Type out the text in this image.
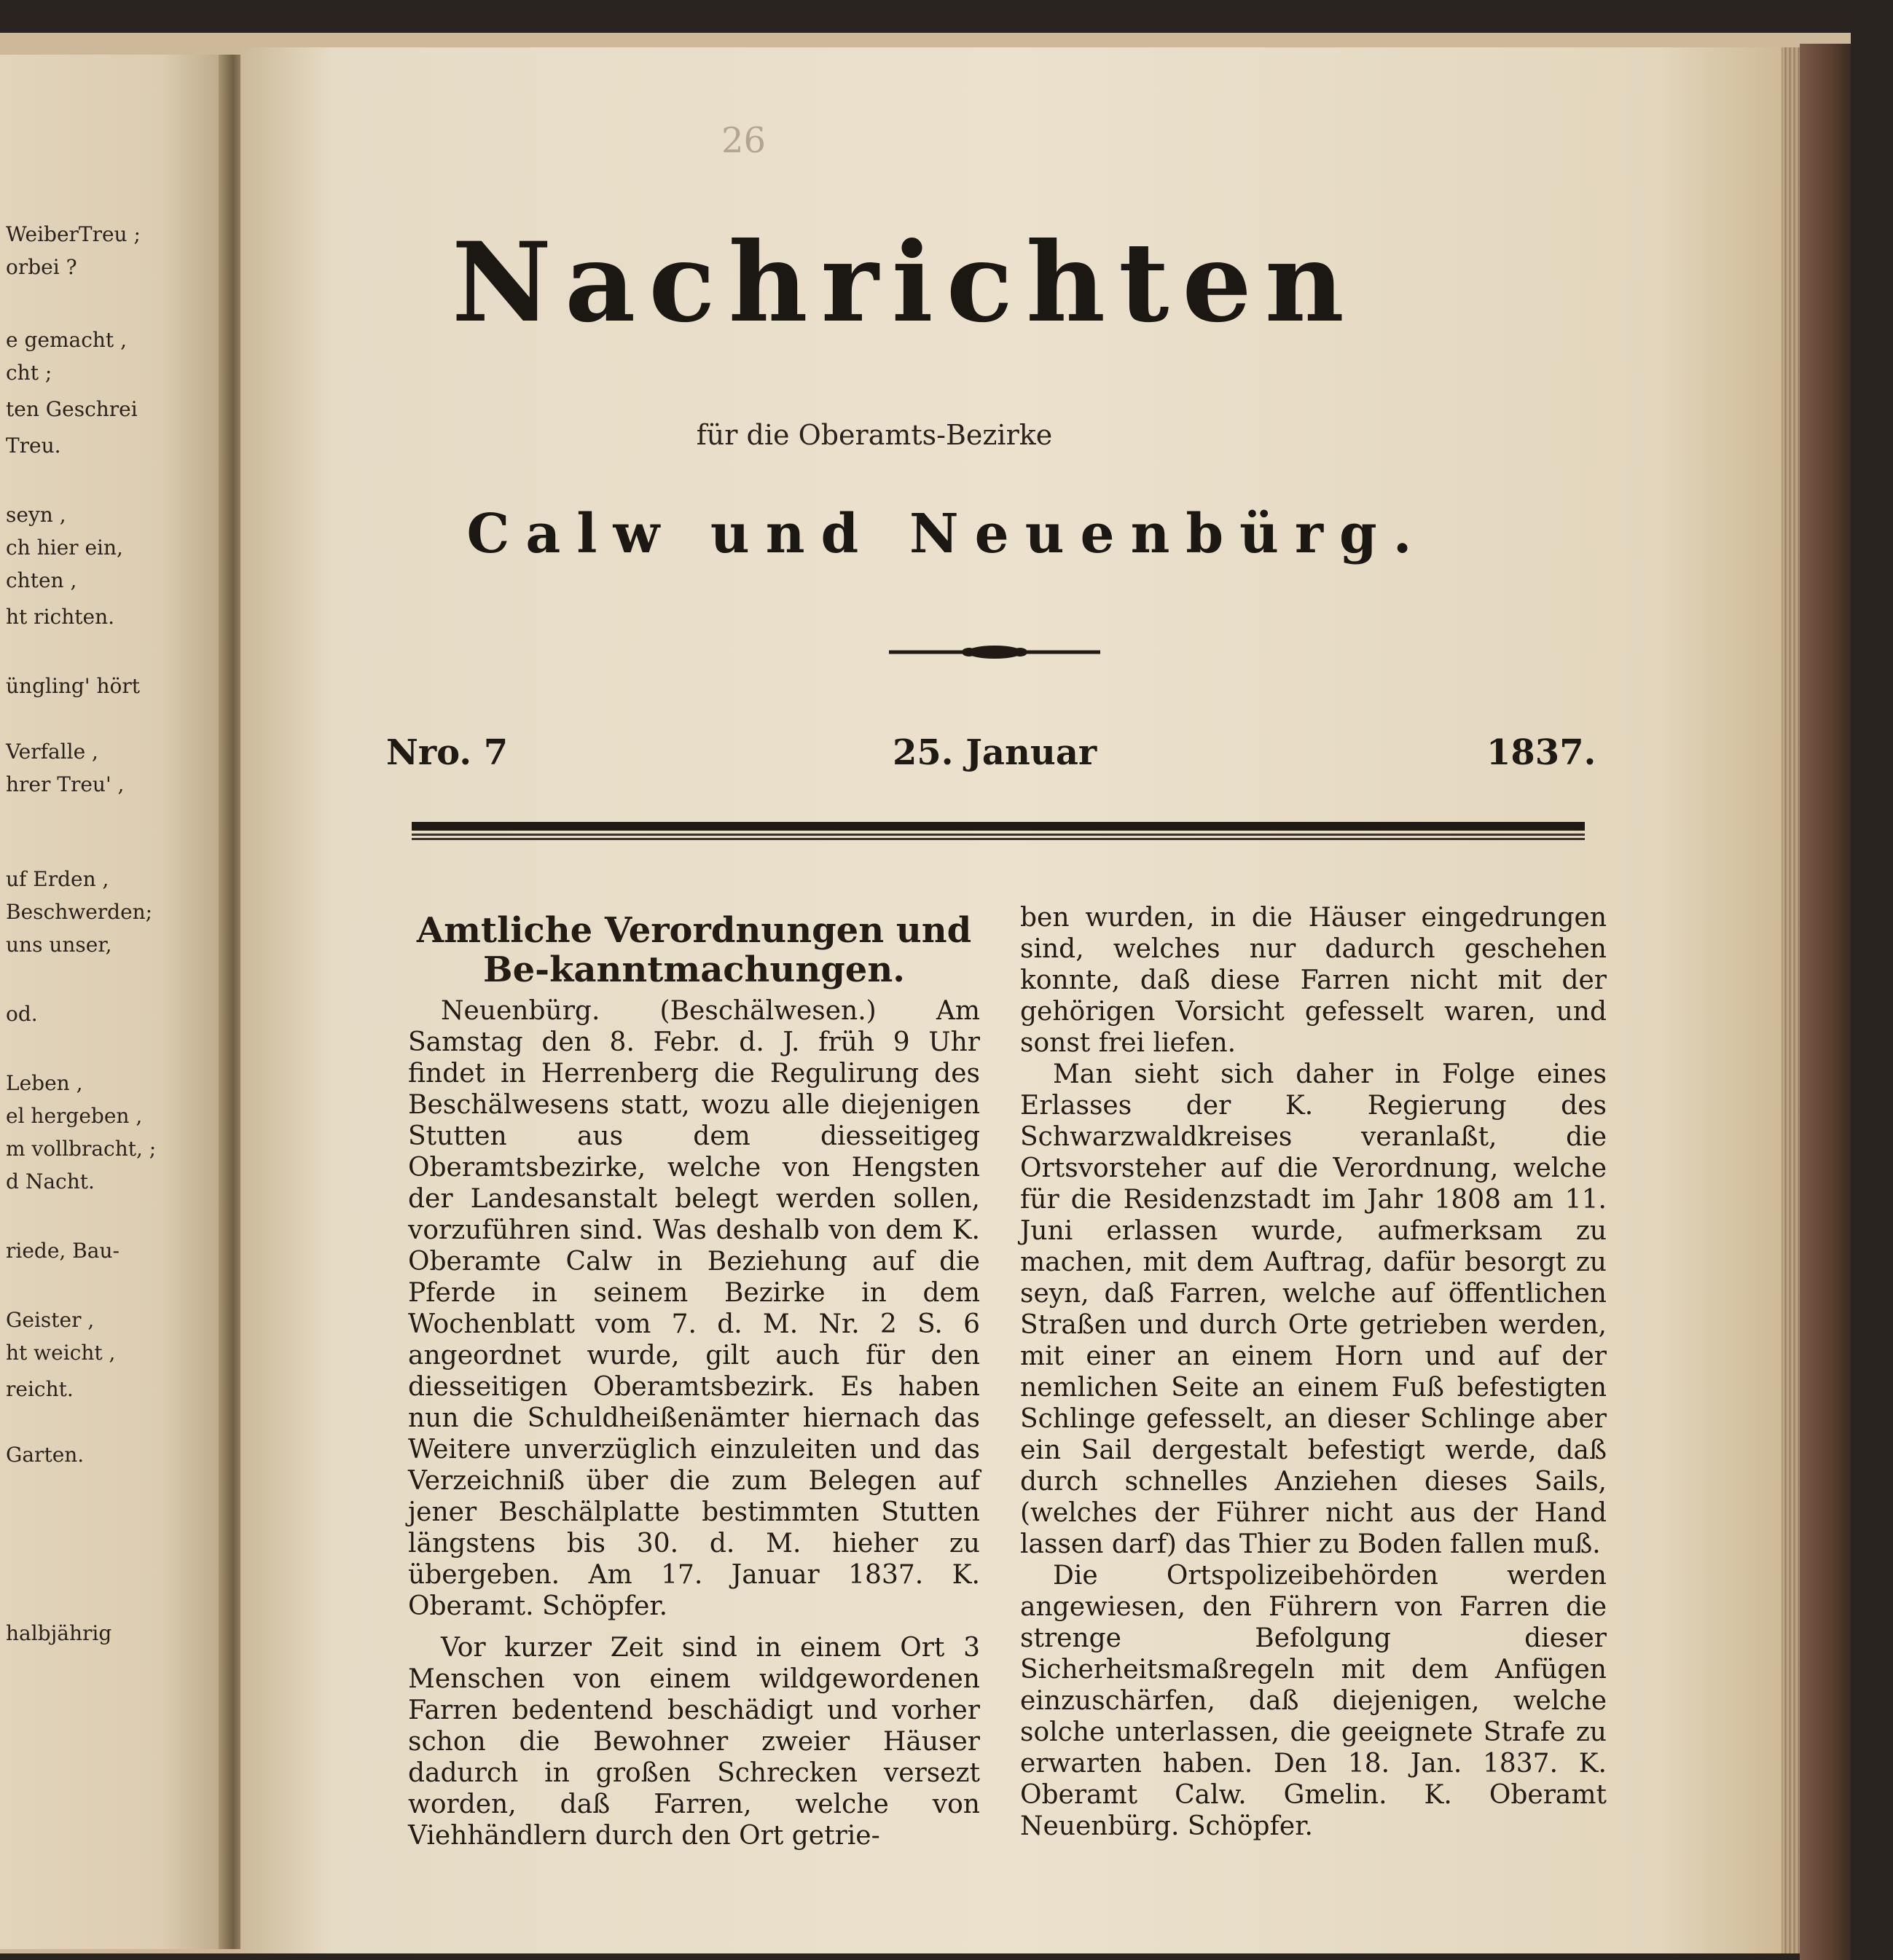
WeiberTreu ;
orbei ?
e gemacht ,
cht ;
ten Geschrei
Treu.
seyn ,
ch hier ein,
chten ,
ht richten.
üngling' hört
Verfalle ,
hrer Treu' ,
uf Erden ,
Beschwerden;
uns unser,
od.
Leben ,
el hergeben ,
m vollbracht, ;
d Nacht.
riede, Bau-
Geister ,
ht weicht ,
reicht.
Garten.
halbjährig
26
Nachrichten
für die Oberamts-Bezirke
Calw und Neuenbürg.
Nro. 7	25. Januar	1837.
Amtliche Verordnungen und Be-kanntmachungen.

Neuenbürg. (Beschälwesen.) Am Samstag den 8. Febr. d. J. früh 9 Uhr findet in Herrenberg die Regulirung des Beschälwesens statt, wozu alle diejenigen Stutten aus dem diesseitigeg Oberamtsbezirke, welche von Hengsten der Landesanstalt belegt werden sollen, vorzuführen sind. Was deshalb von dem K. Oberamte Calw in Beziehung auf die Pferde in seinem Bezirke in dem Wochenblatt vom 7. d. M. Nr. 2 S. 6 angeordnet wurde, gilt auch für den diesseitigen Oberamtsbezirk. Es haben nun die Schuldheißenämter hiernach das Weitere unverzüglich einzuleiten und das Verzeichniß über die zum Belegen auf jener Beschälplatte bestimmten Stutten längstens bis 30. d. M. hieher zu übergeben. Am 17. Januar 1837. K. Oberamt. Schöpfer.

Vor kurzer Zeit sind in einem Ort 3 Menschen von einem wildgewordenen Farren bedentend beschädigt und vorher schon die Bewohner zweier Häuser dadurch in großen Schrecken versezt worden, daß Farren, welche von Viehhändlern durch den Ort getrie-

ben wurden, in die Häuser eingedrungen sind, welches nur dadurch geschehen konnte, daß diese Farren nicht mit der gehörigen Vorsicht gefesselt waren, und sonst frei liefen.

Man sieht sich daher in Folge eines Erlasses der K. Regierung des Schwarzwaldkreises veranlaßt, die Ortsvorsteher auf die Verordnung, welche für die Residenzstadt im Jahr 1808 am 11. Juni erlassen wurde, aufmerksam zu machen, mit dem Auftrag, dafür besorgt zu seyn, daß Farren, welche auf öffentlichen Straßen und durch Orte getrieben werden, mit einer an einem Horn und auf der nemlichen Seite an einem Fuß befestigten Schlinge gefesselt, an dieser Schlinge aber ein Sail dergestalt befestigt werde, daß durch schnelles Anziehen dieses Sails, (welches der Führer nicht aus der Hand lassen darf) das Thier zu Boden fallen muß.

Die Ortspolizeibehörden werden angewiesen, den Führern von Farren die strenge Befolgung dieser Sicherheitsmaßregeln mit dem Anfügen einzuschärfen, daß diejenigen, welche solche unterlassen, die geeignete Strafe zu erwarten haben. Den 18. Jan. 1837. K. Oberamt Calw. Gmelin. K. Oberamt Neuenbürg. Schöpfer.
